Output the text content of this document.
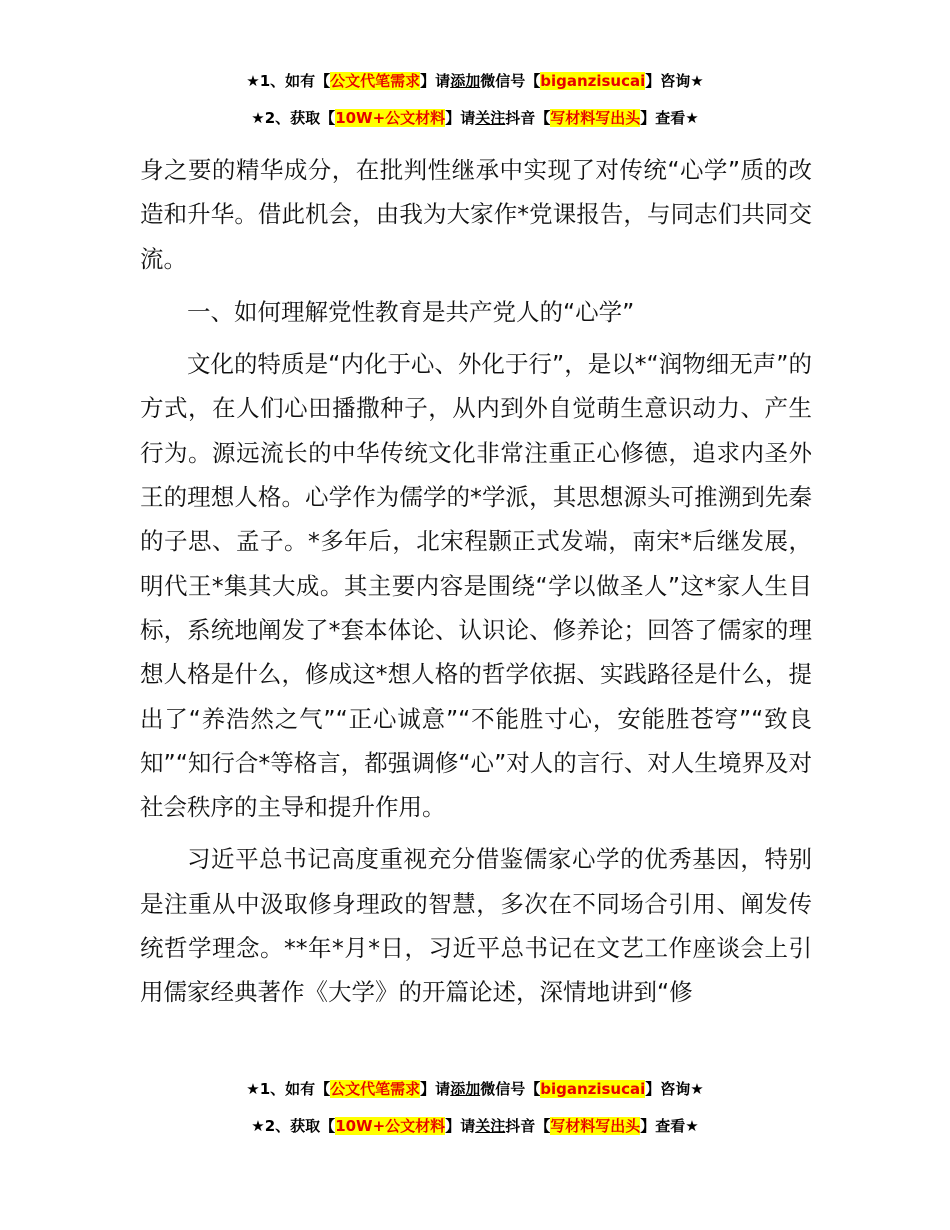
★1、如有【公文代笔需求】请添加微信号【biganzisucai】咨询★
★2、获取【10W+公文材料】请关注抖音【写材料写出头】查看★

身之要的精华成分，在批判性继承中实现了对传统“心学”质的改造和升华。借此机会，由我为大家作*党课报告，与同志们共同交流。

一、如何理解党性教育是共产党人的“心学”

文化的特质是“内化于心、外化于行”，是以*“润物细无声”的方式，在人们心田播撒种子，从内到外自觉萌生意识动力、产生行为。源远流长的中华传统文化非常注重正心修德，追求内圣外王的理想人格。心学作为儒学的*学派，其思想源头可推溯到先秦的子思、孟子。*多年后，北宋程颢正式发端，南宋*后继发展，明代王*集其大成。其主要内容是围绕“学以做圣人”这*家人生目标，系统地阐发了*套本体论、认识论、修养论；回答了儒家的理想人格是什么，修成这*想人格的哲学依据、实践路径是什么，提出了“养浩然之气”“正心诚意”“不能胜寸心，安能胜苍穹”“致良知”“知行合*等格言，都强调修“心”对人的言行、对人生境界及对社会秩序的主导和提升作用。

习近平总书记高度重视充分借鉴儒家心学的优秀基因，特别是注重从中汲取修身理政的智慧，多次在不同场合引用、阐发传统哲学理念。**年*月*日，习近平总书记在文艺工作座谈会上引用儒家经典著作《大学》的开篇论述，深情地讲到“修

★1、如有【公文代笔需求】请添加微信号【biganzisucai】咨询★
★2、获取【10W+公文材料】请关注抖音【写材料写出头】查看★
